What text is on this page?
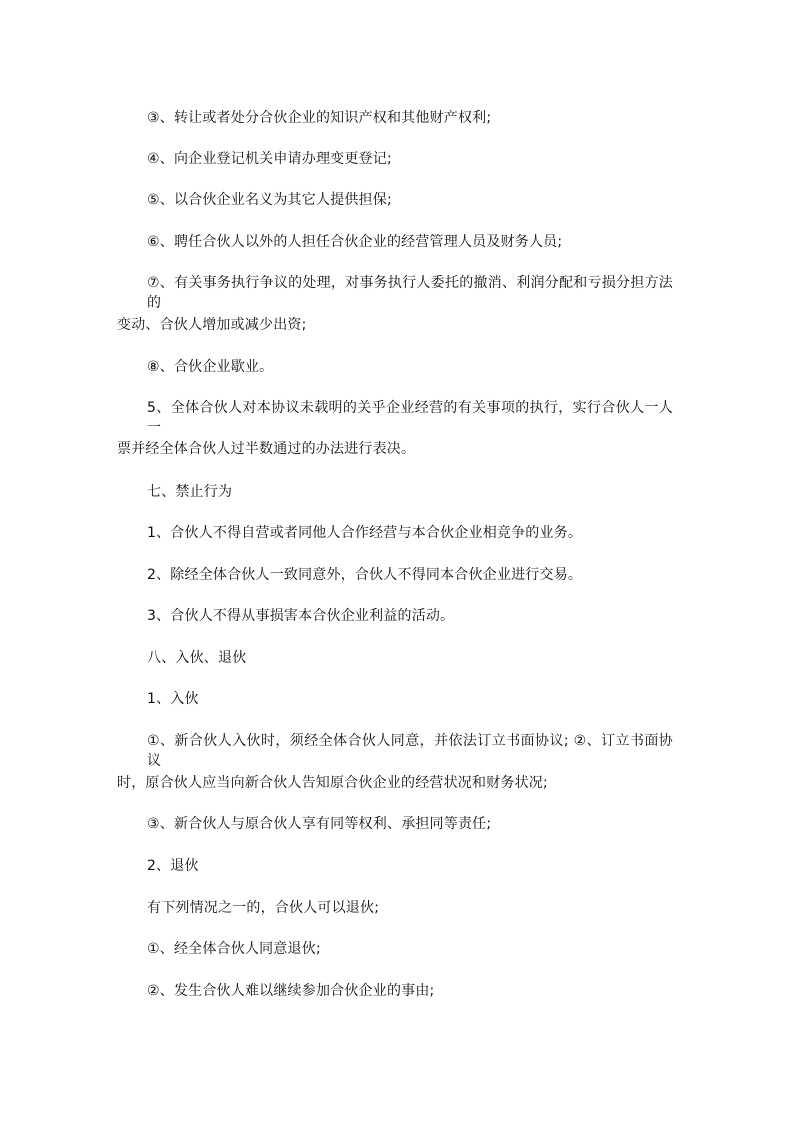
③、转让或者处分合伙企业的知识产权和其他财产权利;
④、向企业登记机关申请办理变更登记;
⑤、以合伙企业名义为其它人提供担保;
⑥、聘任合伙人以外的人担任合伙企业的经营管理人员及财务人员;
⑦、有关事务执行争议的处理，对事务执行人委托的撤消、利润分配和亏损分担方法的
变动、合伙人增加或减少出资;
⑧、合伙企业歇业。
5、全体合伙人对本协议未载明的关乎企业经营的有关事项的执行，实行合伙人一人一
票并经全体合伙人过半数通过的办法进行表决。
七、禁止行为
1、合伙人不得自营或者同他人合作经营与本合伙企业相竞争的业务。
2、除经全体合伙人一致同意外，合伙人不得同本合伙企业进行交易。
3、合伙人不得从事损害本合伙企业利益的活动。
八、入伙、退伙
1、入伙
①、新合伙人入伙时，须经全体合伙人同意，并依法订立书面协议; ②、订立书面协议
时，原合伙人应当向新合伙人告知原合伙企业的经营状况和财务状况;
③、新合伙人与原合伙人享有同等权利、承担同等责任;
2、退伙
有下列情况之一的，合伙人可以退伙;
①、经全体合伙人同意退伙;
②、发生合伙人难以继续参加合伙企业的事由;
